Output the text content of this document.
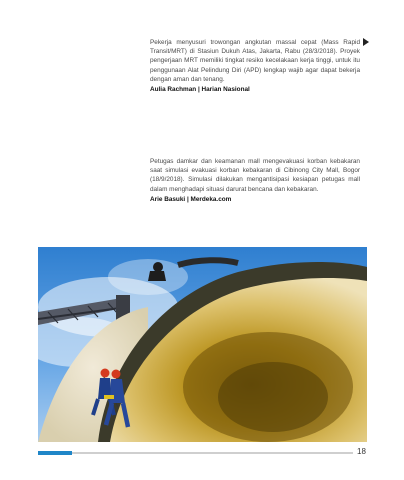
Pekerja menyusuri trowongan angkutan massal cepat (Mass Rapid Transit/MRT) di Stasiun Dukuh Atas, Jakarta, Rabu (28/3/2018). Proyek pengerjaan MRT memiliki tingkat resiko kecelakaan kerja tinggi, untuk itu penggunaan Alat Pelindung Diri (APD) lengkap wajib agar dapat bekerja dengan aman dan tenang.
Aulia Rachman | Harian Nasional
Petugas damkar dan keamanan mall mengevakuasi korban kebakaran saat simulasi evakuasi korban kebakaran di Cibinong City Mall, Bogor (18/9/2018). Simulasi dilakukan mengantisipasi kesiapan petugas mall dalam menghadapi situasi darurat bencana dan kebakaran.
Arie Basuki | Merdeka.com
18
